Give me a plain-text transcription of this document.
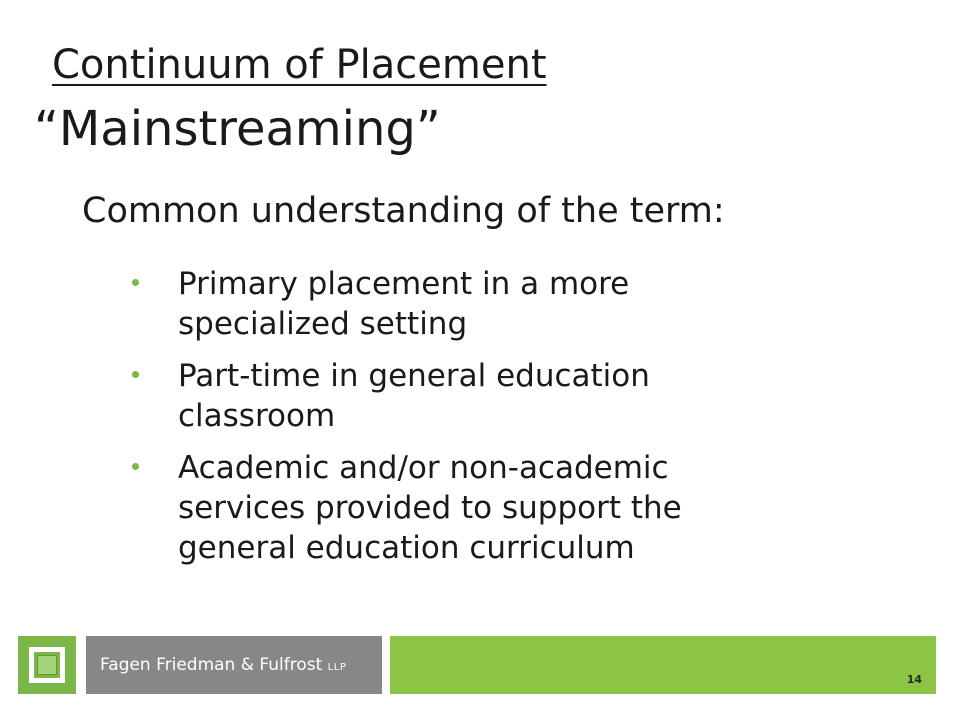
Continuum of Placement
“Mainstreaming”

Common understanding of the term:

Primary placement in a more specialized setting
Part-time in general education classroom
Academic and/or non-academic services provided to support the general education curriculum
Fagen Friedman & Fulfrost LLP
14
